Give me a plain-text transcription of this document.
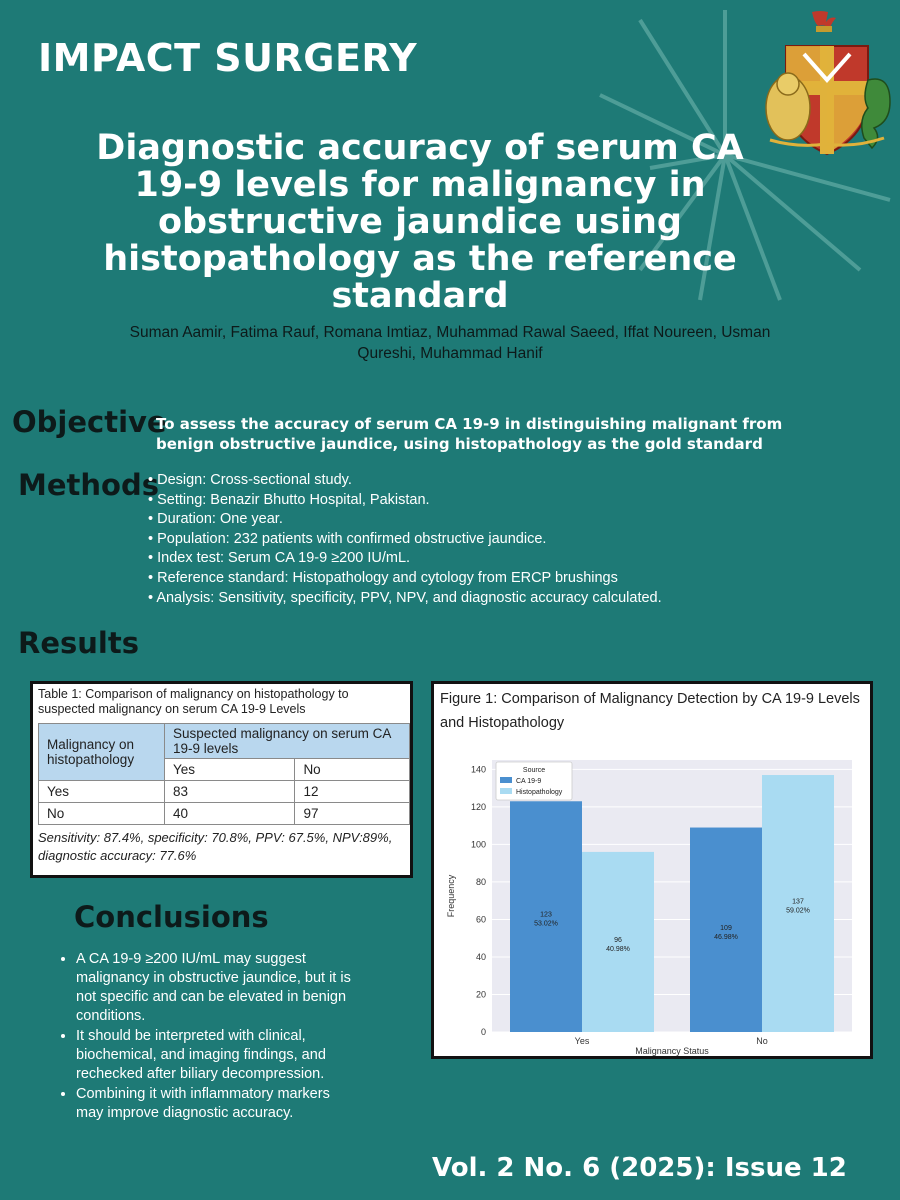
IMPACT SURGERY
Diagnostic accuracy of serum CA 19-9 levels for malignancy in obstructive jaundice using histopathology as the reference standard
Suman Aamir, Fatima Rauf, Romana Imtiaz, Muhammad Rawal Saeed, Iffat Noureen, Usman Qureshi, Muhammad Hanif
Objective
To assess the accuracy of serum CA 19-9 in distinguishing malignant from benign obstructive jaundice, using histopathology as the gold standard
Methods
• Design: Cross-sectional study.
• Setting: Benazir Bhutto Hospital, Pakistan.
• Duration: One year.
• Population: 232 patients with confirmed obstructive jaundice.
• Index test: Serum CA 19-9 ≥200 IU/mL.
• Reference standard: Histopathology and cytology from ERCP brushings
• Analysis: Sensitivity, specificity, PPV, NPV, and diagnostic accuracy calculated.
Results
Table 1: Comparison of malignancy on histopathology to suspected malignancy on serum CA 19-9 Levels
Malignancy on histopathology	Suspected malignancy on serum CA 19-9 levels	
	Yes	No
Yes	83	12
No	40	97
Sensitivity: 87.4%, specificity: 70.8%, PPV: 67.5%, NPV:89%, diagnostic accuracy: 77.6%
Figure 1: Comparison of Malignancy Detection by CA 19-9 Levels and Histopathology
0
20
40
60
80
100
120
140
123
53.02%
96
40.98%
Yes
109
46.98%
137
59.02%
No
Malignancy Status
Frequency
Source
CA 19-9
Histopathology
Conclusions
• A CA 19-9 ≥200 IU/mL may suggest malignancy in obstructive jaundice, but it is not specific and can be elevated in benign conditions.
• It should be interpreted with clinical, biochemical, and imaging findings, and rechecked after biliary decompression.
• Combining it with inflammatory markers may improve diagnostic accuracy.
Vol. 2 No. 6 (2025): Issue 12
